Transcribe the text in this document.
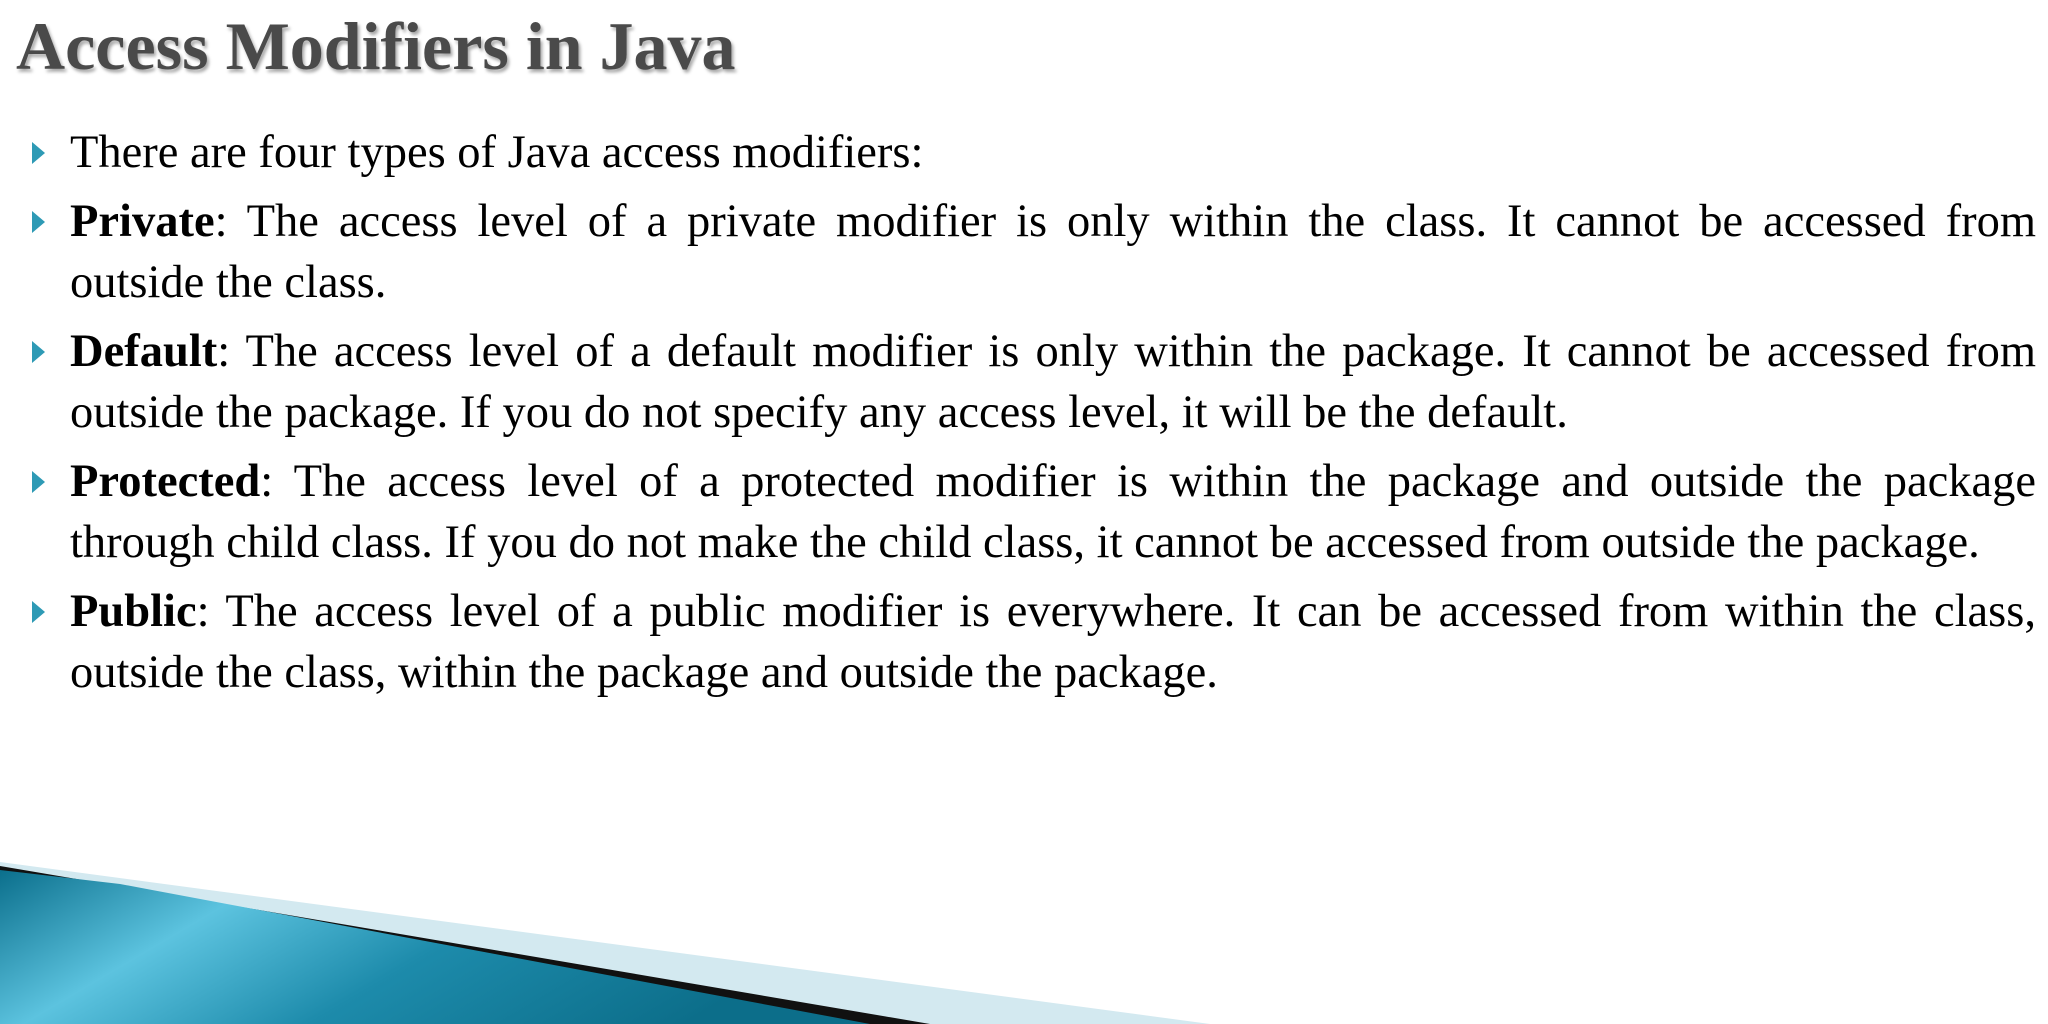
Access Modifiers in Java
There are four types of Java access modifiers:
Private: The access level of a private modifier is only within the class. It cannot be accessed from outside the class.
Default: The access level of a default modifier is only within the package. It cannot be accessed from outside the package. If you do not specify any access level, it will be the default.
Protected: The access level of a protected modifier is within the package and outside the package through child class. If you do not make the child class, it cannot be accessed from outside the package.
Public: The access level of a public modifier is everywhere. It can be accessed from within the class, outside the class, within the package and outside the package.
